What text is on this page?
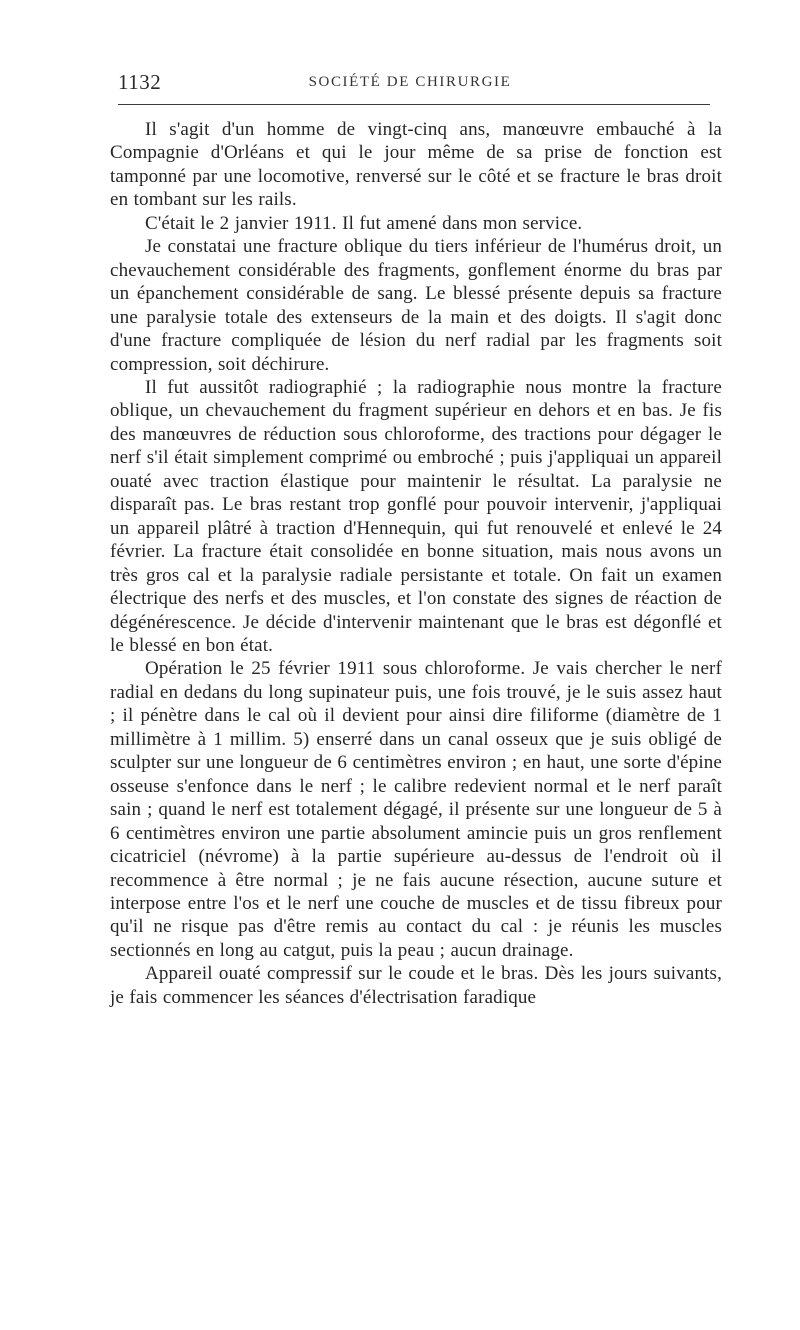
1132	SOCIÉTÉ DE CHIRURGIE

Il s'agit d'un homme de vingt-cinq ans, manœuvre embauché à la Compagnie d'Orléans et qui le jour même de sa prise de fonction est tamponné par une locomotive, renversé sur le côté et se fracture le bras droit en tombant sur les rails.

C'était le 2 janvier 1911. Il fut amené dans mon service.

Je constatai une fracture oblique du tiers inférieur de l'humérus droit, un chevauchement considérable des fragments, gonflement énorme du bras par un épanchement considérable de sang. Le blessé présente depuis sa fracture une paralysie totale des extenseurs de la main et des doigts. Il s'agit donc d'une fracture compliquée de lésion du nerf radial par les fragments soit compression, soit déchirure.

Il fut aussitôt radiographié ; la radiographie nous montre la fracture oblique, un chevauchement du fragment supérieur en dehors et en bas. Je fis des manœuvres de réduction sous chloroforme, des tractions pour dégager le nerf s'il était simplement comprimé ou embroché ; puis j'appliquai un appareil ouaté avec traction élastique pour maintenir le résultat. La paralysie ne disparaît pas. Le bras restant trop gonflé pour pouvoir intervenir, j'appliquai un appareil plâtré à traction d'Hennequin, qui fut renouvelé et enlevé le 24 février. La fracture était consolidée en bonne situation, mais nous avons un très gros cal et la paralysie radiale persistante et totale. On fait un examen électrique des nerfs et des muscles, et l'on constate des signes de réaction de dégénérescence. Je décide d'intervenir maintenant que le bras est dégonflé et le blessé en bon état.

Opération le 25 février 1911 sous chloroforme. Je vais chercher le nerf radial en dedans du long supinateur puis, une fois trouvé, je le suis assez haut ; il pénètre dans le cal où il devient pour ainsi dire filiforme (diamètre de 1 millimètre à 1 millim. 5) enserré dans un canal osseux que je suis obligé de sculpter sur une longueur de 6 centimètres environ ; en haut, une sorte d'épine osseuse s'enfonce dans le nerf ; le calibre redevient normal et le nerf paraît sain ; quand le nerf est totalement dégagé, il présente sur une longueur de 5 à 6 centimètres environ une partie absolument amincie puis un gros renflement cicatriciel (névrome) à la partie supérieure au-dessus de l'endroit où il recommence à être normal ; je ne fais aucune résection, aucune suture et interpose entre l'os et le nerf une couche de muscles et de tissu fibreux pour qu'il ne risque pas d'être remis au contact du cal : je réunis les muscles sectionnés en long au catgut, puis la peau ; aucun drainage.

Appareil ouaté compressif sur le coude et le bras. Dès les jours suivants, je fais commencer les séances d'électrisation faradique
